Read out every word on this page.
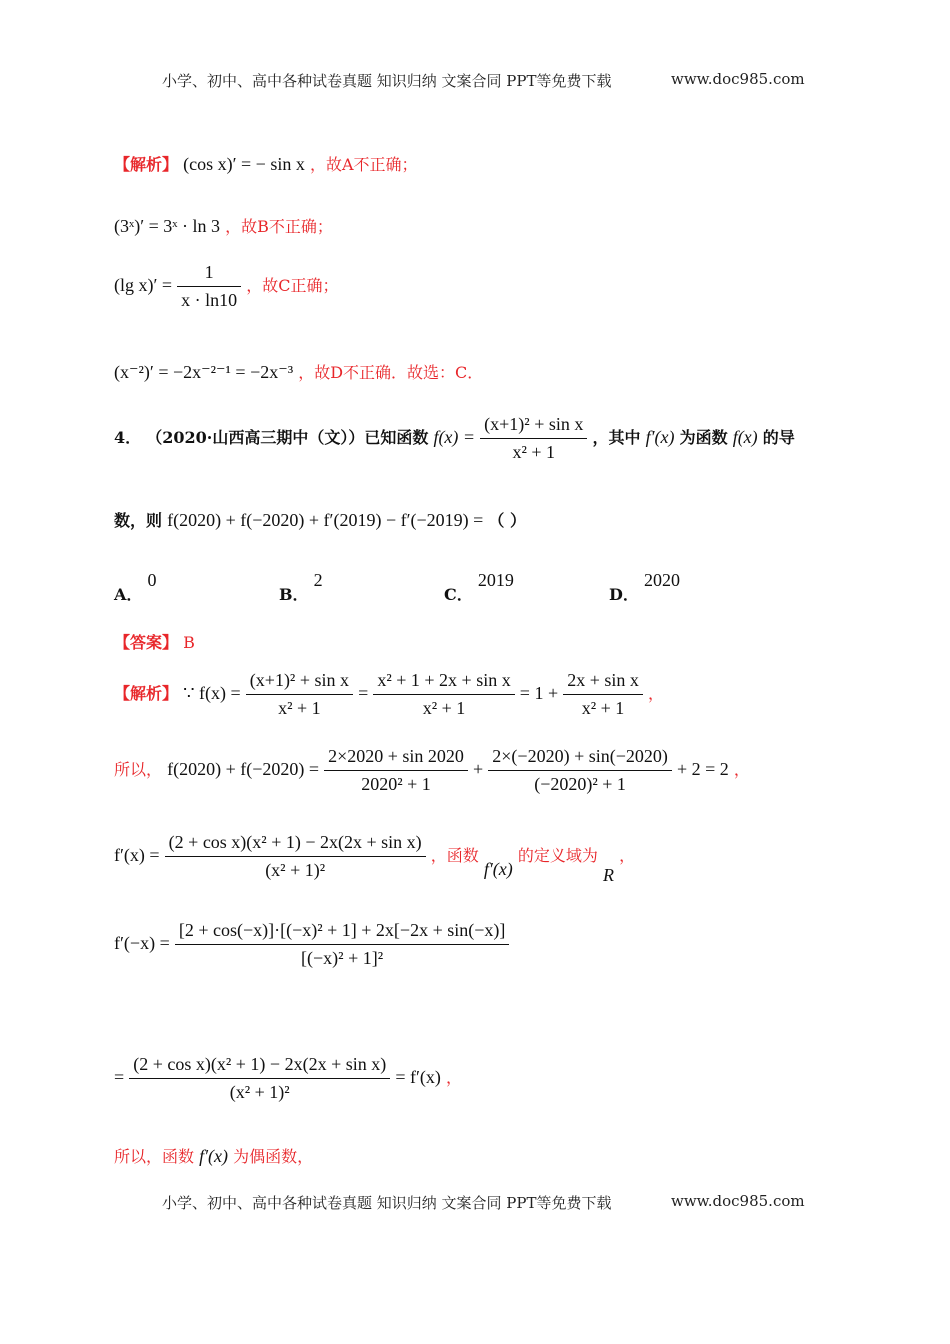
小学、初中、高中各种试卷真题 知识归纳 文案合同 PPT等免费下载	www.doc985.com
【解析】 (cos x)′ = − sin x ，故A不正确；
(3ˣ)′ = 3ˣ · ln 3 ，故B不正确；
(lg $x)' = \frac{1}{x \cdot \ln 10}$ ，故C正确；
(x⁻²)′ = −2x⁻²⁻¹ = −2x⁻³ ，故D不正确．故选：C．
4． （2020·山西高三期中（文））已知函数 $f(x) = \frac{\text{(x+1)² + sin x}}{\text{x² + 1}}$ ，其中 f′(x) 为函数 f(x) 的导
数，则 f(2020) + f(−2020) + f′(2019) − f′(−2019) = （ ）
A． 0
B． 2
C． 2019
D． 2020
【答案】 B
【解析】 ∵ $f(x) = \frac{\text{(x+1)² + sin x}}{\text{x² + 1}} = \frac{\text{x² + 1 + 2x + sin x}}{\text{x² + 1}} = 1 + \frac{\text{2x + sin x}}{\text{x² + 1}}$ ，
所以， $f(2020) + f(-2020) = \frac{2\times 2020 + \sin 2020}{\text{2020² + 1}} + \frac{2\times(-2020) + \sin(-2020)}{\text{(−2020)² + 1}} + 2 = 2$ ，
$f'(x) = \frac{\text{(2 + cos x)(x² + 1) − 2x(2x + sin x)}}{\text{(x² + 1)²}}$ ，函数 f′(x) 的定义域为 R ，
$f'(-x) = \frac{\text{[2 + cos(−x)]·[(−x)² + 1] + 2x[−2x + sin(−x)]}}{\text{[(−x)² + 1]²}}$
= $\frac{\text{(2 + cos x)(x² + 1) − 2x(2x + sin x)}}{\text{(x² + 1)²}} = f'(x)$ ，
所以，函数 f′(x) 为偶函数，
小学、初中、高中各种试卷真题 知识归纳 文案合同 PPT等免费下载	www.doc985.com
